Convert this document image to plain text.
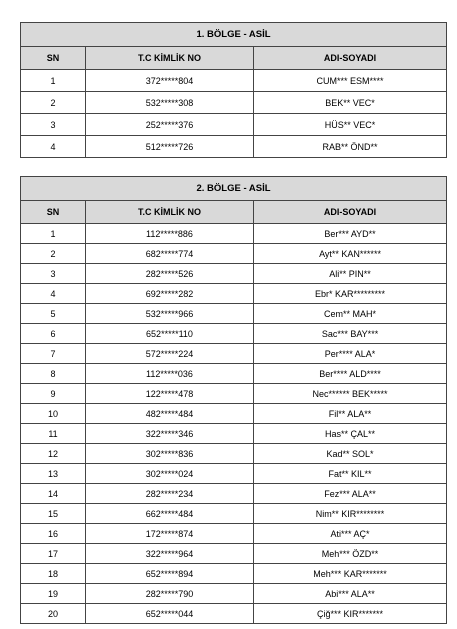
1. BÖLGE - ASİL		
SN	T.C KİMLİK NO	ADI-SOYADI
1	372*****804	CUM*** ESM****
2	532*****308	BEK** VEC*
3	252*****376	HÜS** VEC*
4	512*****726	RAB** ÖND**
2. BÖLGE - ASİL		
SN	T.C KİMLİK NO	ADI-SOYADI
1	112*****886	Ber*** AYD**
2	682*****774	Ayt** KAN******
3	282*****526	Ali** PIN**
4	692*****282	Ebr* KAR*********
5	532*****966	Cem** MAH*
6	652*****110	Sac*** BAY***
7	572*****224	Per**** ALA*
8	112*****036	Ber**** ALD****
9	122*****478	Nec****** BEK*****
10	482*****484	Fil** ALA**
11	322*****346	Has** ÇAL**
12	302*****836	Kad** SOL*
13	302*****024	Fat** KIL**
14	282*****234	Fez*** ALA**
15	662*****484	Nim** KIR********
16	172*****874	Ati*** AÇ*
17	322*****964	Meh*** ÖZD**
18	652*****894	Meh*** KAR*******
19	282*****790	Abi*** ALA**
20	652*****044	Çiğ*** KIR*******
